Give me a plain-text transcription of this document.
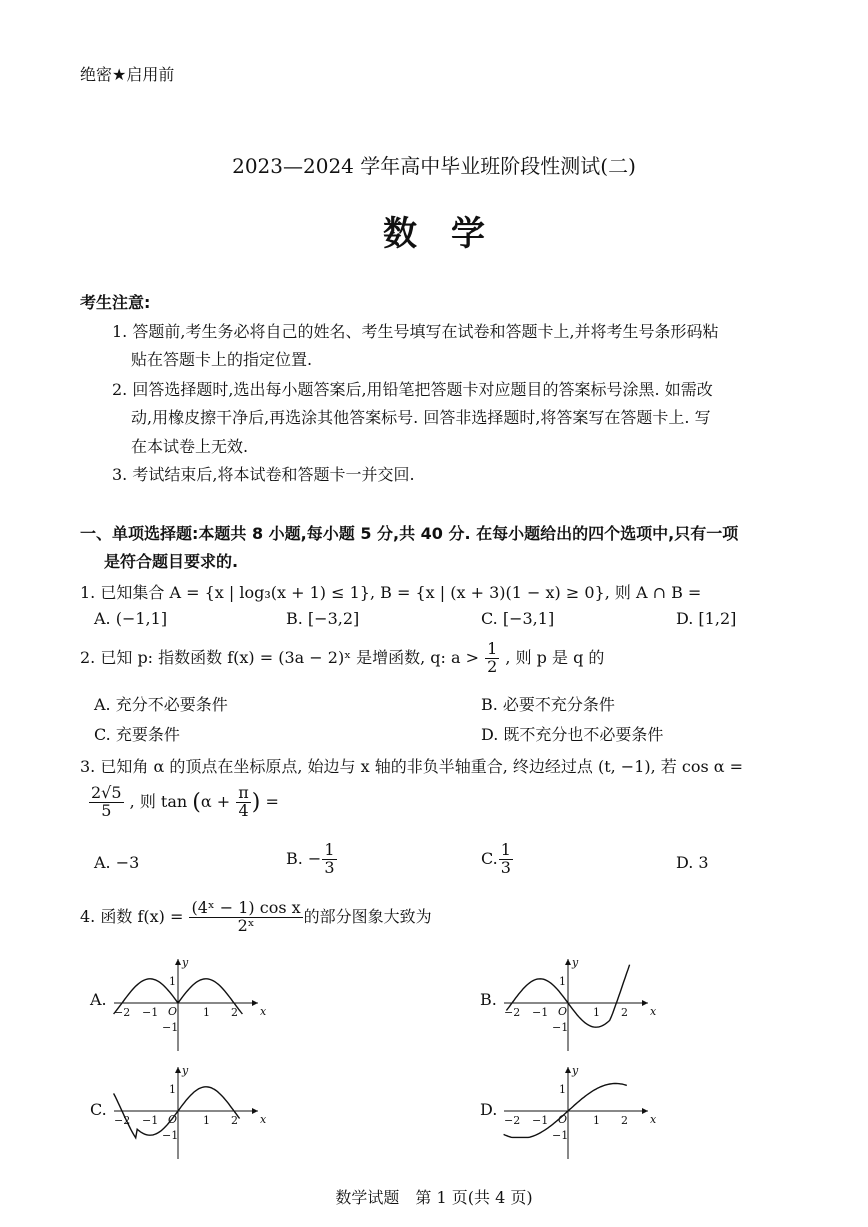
绝密★启用前
2023—2024 学年高中毕业班阶段性测试(二)
数　学
考生注意:
1. 答题前,考生务必将自己的姓名、考生号填写在试卷和答题卡上,并将考生号条形码粘
贴在答题卡上的指定位置.
2. 回答选择题时,选出每小题答案后,用铅笔把答题卡对应题目的答案标号涂黑. 如需改
动,用橡皮擦干净后,再选涂其他答案标号. 回答非选择题时,将答案写在答题卡上. 写
在本试卷上无效.
3. 考试结束后,将本试卷和答题卡一并交回.
一、单项选择题:本题共 8 小题,每小题 5 分,共 40 分. 在每小题给出的四个选项中,只有一项
是符合题目要求的.
1. 已知集合 A = {x | log₃(x + 1) ≤ 1}, B = {x | (x + 3)(1 − x) ≥ 0}, 则 A ∩ B =
A. (−1,1]	B. [−3,2]	C. [−3,1]	D. [1,2]
2. 已知 p: 指数函数 f(x) = (3a − 2)ˣ 是增函数, q: $a > \frac{1}{2}$ , 则 p 是 q 的
A. 充分不必要条件	B. 必要不充分条件
C. 充要条件	D. 既不充分也不必要条件
3. 已知角 α 的顶点在坐标原点, 始边与 x 轴的非负半轴重合, 终边经过点 (t, −1), 若 cos α =
$\frac{2√5}{5}$ , 则 $\tan (\alpha + \frac{\pi}{4}$ ) =
A. −3	B. − $\frac{1}{3}$	C. $\frac{1}{3}$	D. 3
4. 函数 $f(x) = \frac{\text{(4ˣ − 1) cos x}}{\text{2ˣ}}$ 的部分图象大致为
A.	B.
C.	D.
y
x
O
1
−1
−2 −1	1 2
y
x
O
1
−1
−2 −1	1 2
y
x
O
1
−1
−2 −1	1 2
y
x
O
1
−1
−2 −1	1 2
数学试题　第 1 页(共 4 页)
